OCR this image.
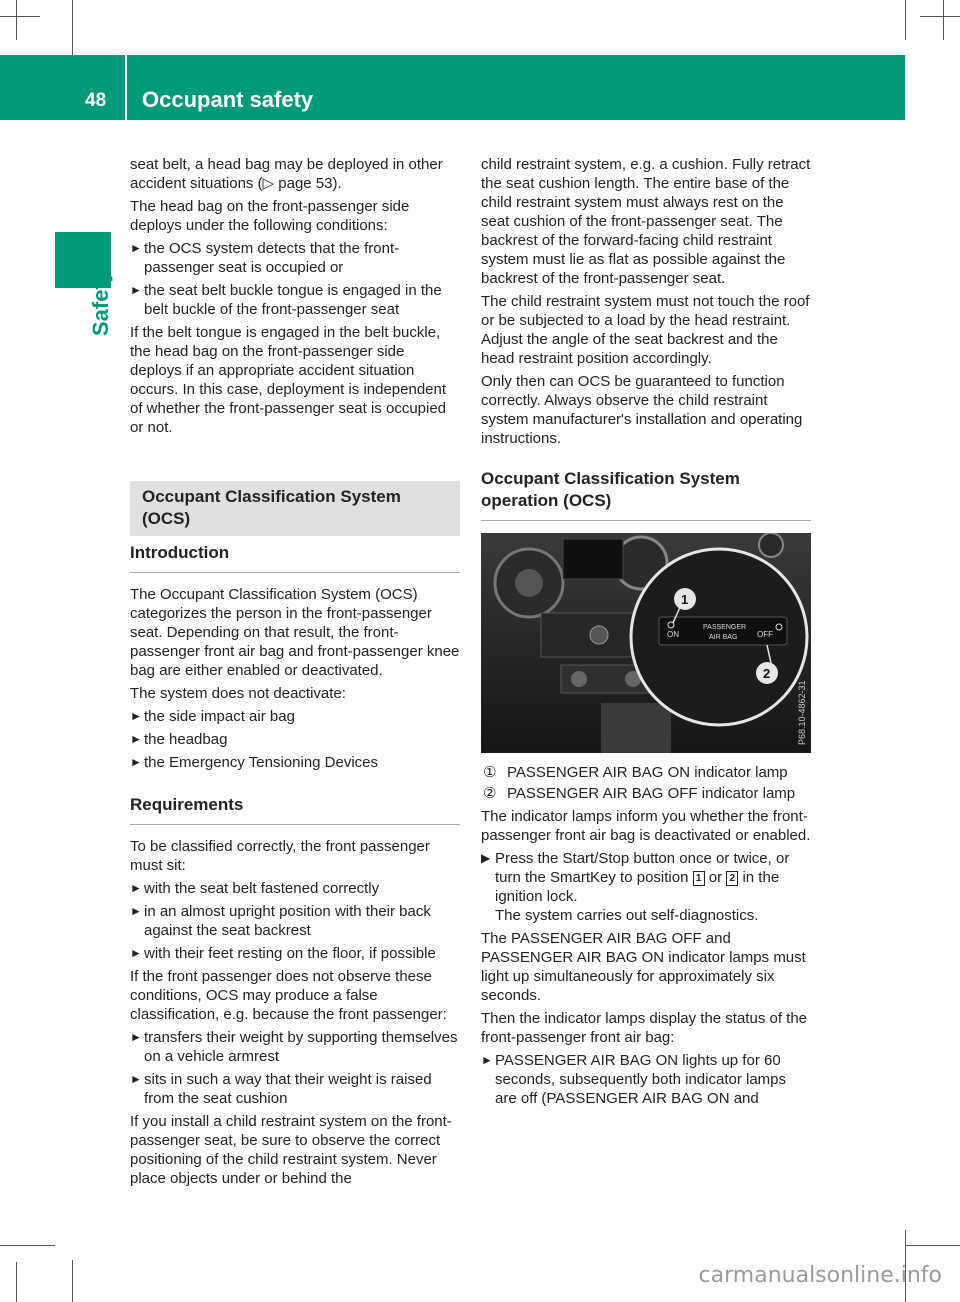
48 Occupant safety
Safety

seat belt, a head bag may be deployed in other accident situations (▷ page 53).

The head bag on the front-passenger side deploys under the following conditions:

► the OCS system detects that the front-passenger seat is occupied or
► the seat belt buckle tongue is engaged in the belt buckle of the front-passenger seat

If the belt tongue is engaged in the belt buckle, the head bag on the front-passenger side deploys if an appropriate accident situation occurs. In this case, deployment is independent of whether the front-passenger seat is occupied or not.

Occupant Classification System (OCS)
Introduction

The Occupant Classification System (OCS) categorizes the person in the front-passenger seat. Depending on that result, the front-passenger front air bag and front-passenger knee bag are either enabled or deactivated.

The system does not deactivate:

► the side impact air bag
► the headbag
► the Emergency Tensioning Devices
Requirements

To be classified correctly, the front passenger must sit:

► with the seat belt fastened correctly
► in an almost upright position with their back against the seat backrest
► with their feet resting on the floor, if possible

If the front passenger does not observe these conditions, OCS may produce a false classification, e.g. because the front passenger:

► transfers their weight by supporting themselves on a vehicle armrest
► sits in such a way that their weight is raised from the seat cushion

If you install a child restraint system on the front-passenger seat, be sure to observe the correct positioning of the child restraint system. Never place objects under or behind the

child restraint system, e.g. a cushion. Fully retract the seat cushion length. The entire base of the child restraint system must always rest on the seat cushion of the front-passenger seat. The backrest of the forward-facing child restraint system must lie as flat as possible against the backrest of the front-passenger seat.

The child restraint system must not touch the roof or be subjected to a load by the head restraint. Adjust the angle of the seat backrest and the head restraint position accordingly.

Only then can OCS be guaranteed to function correctly. Always observe the child restraint system manufacturer's installation and operating instructions.

Occupant Classification System operation (OCS)
ON
PASSENGER
AIR BAG OFF
1
2
P68.10-4862-31
① PASSENGER AIR BAG ON indicator lamp
② PASSENGER AIR BAG OFF indicator lamp

The indicator lamps inform you whether the front-passenger front air bag is deactivated or enabled.

▶ Press the Start/Stop button once or twice, or turn the SmartKey to position 1 or 2 in the ignition lock.
The system carries out self-diagnostics.

The PASSENGER AIR BAG OFF and PASSENGER AIR BAG ON indicator lamps must light up simultaneously for approximately six seconds.

Then the indicator lamps display the status of the front-passenger front air bag:

► PASSENGER AIR BAG ON lights up for 60 seconds, subsequently both indicator lamps are off (PASSENGER AIR BAG ON and
carmanualsonline.info
